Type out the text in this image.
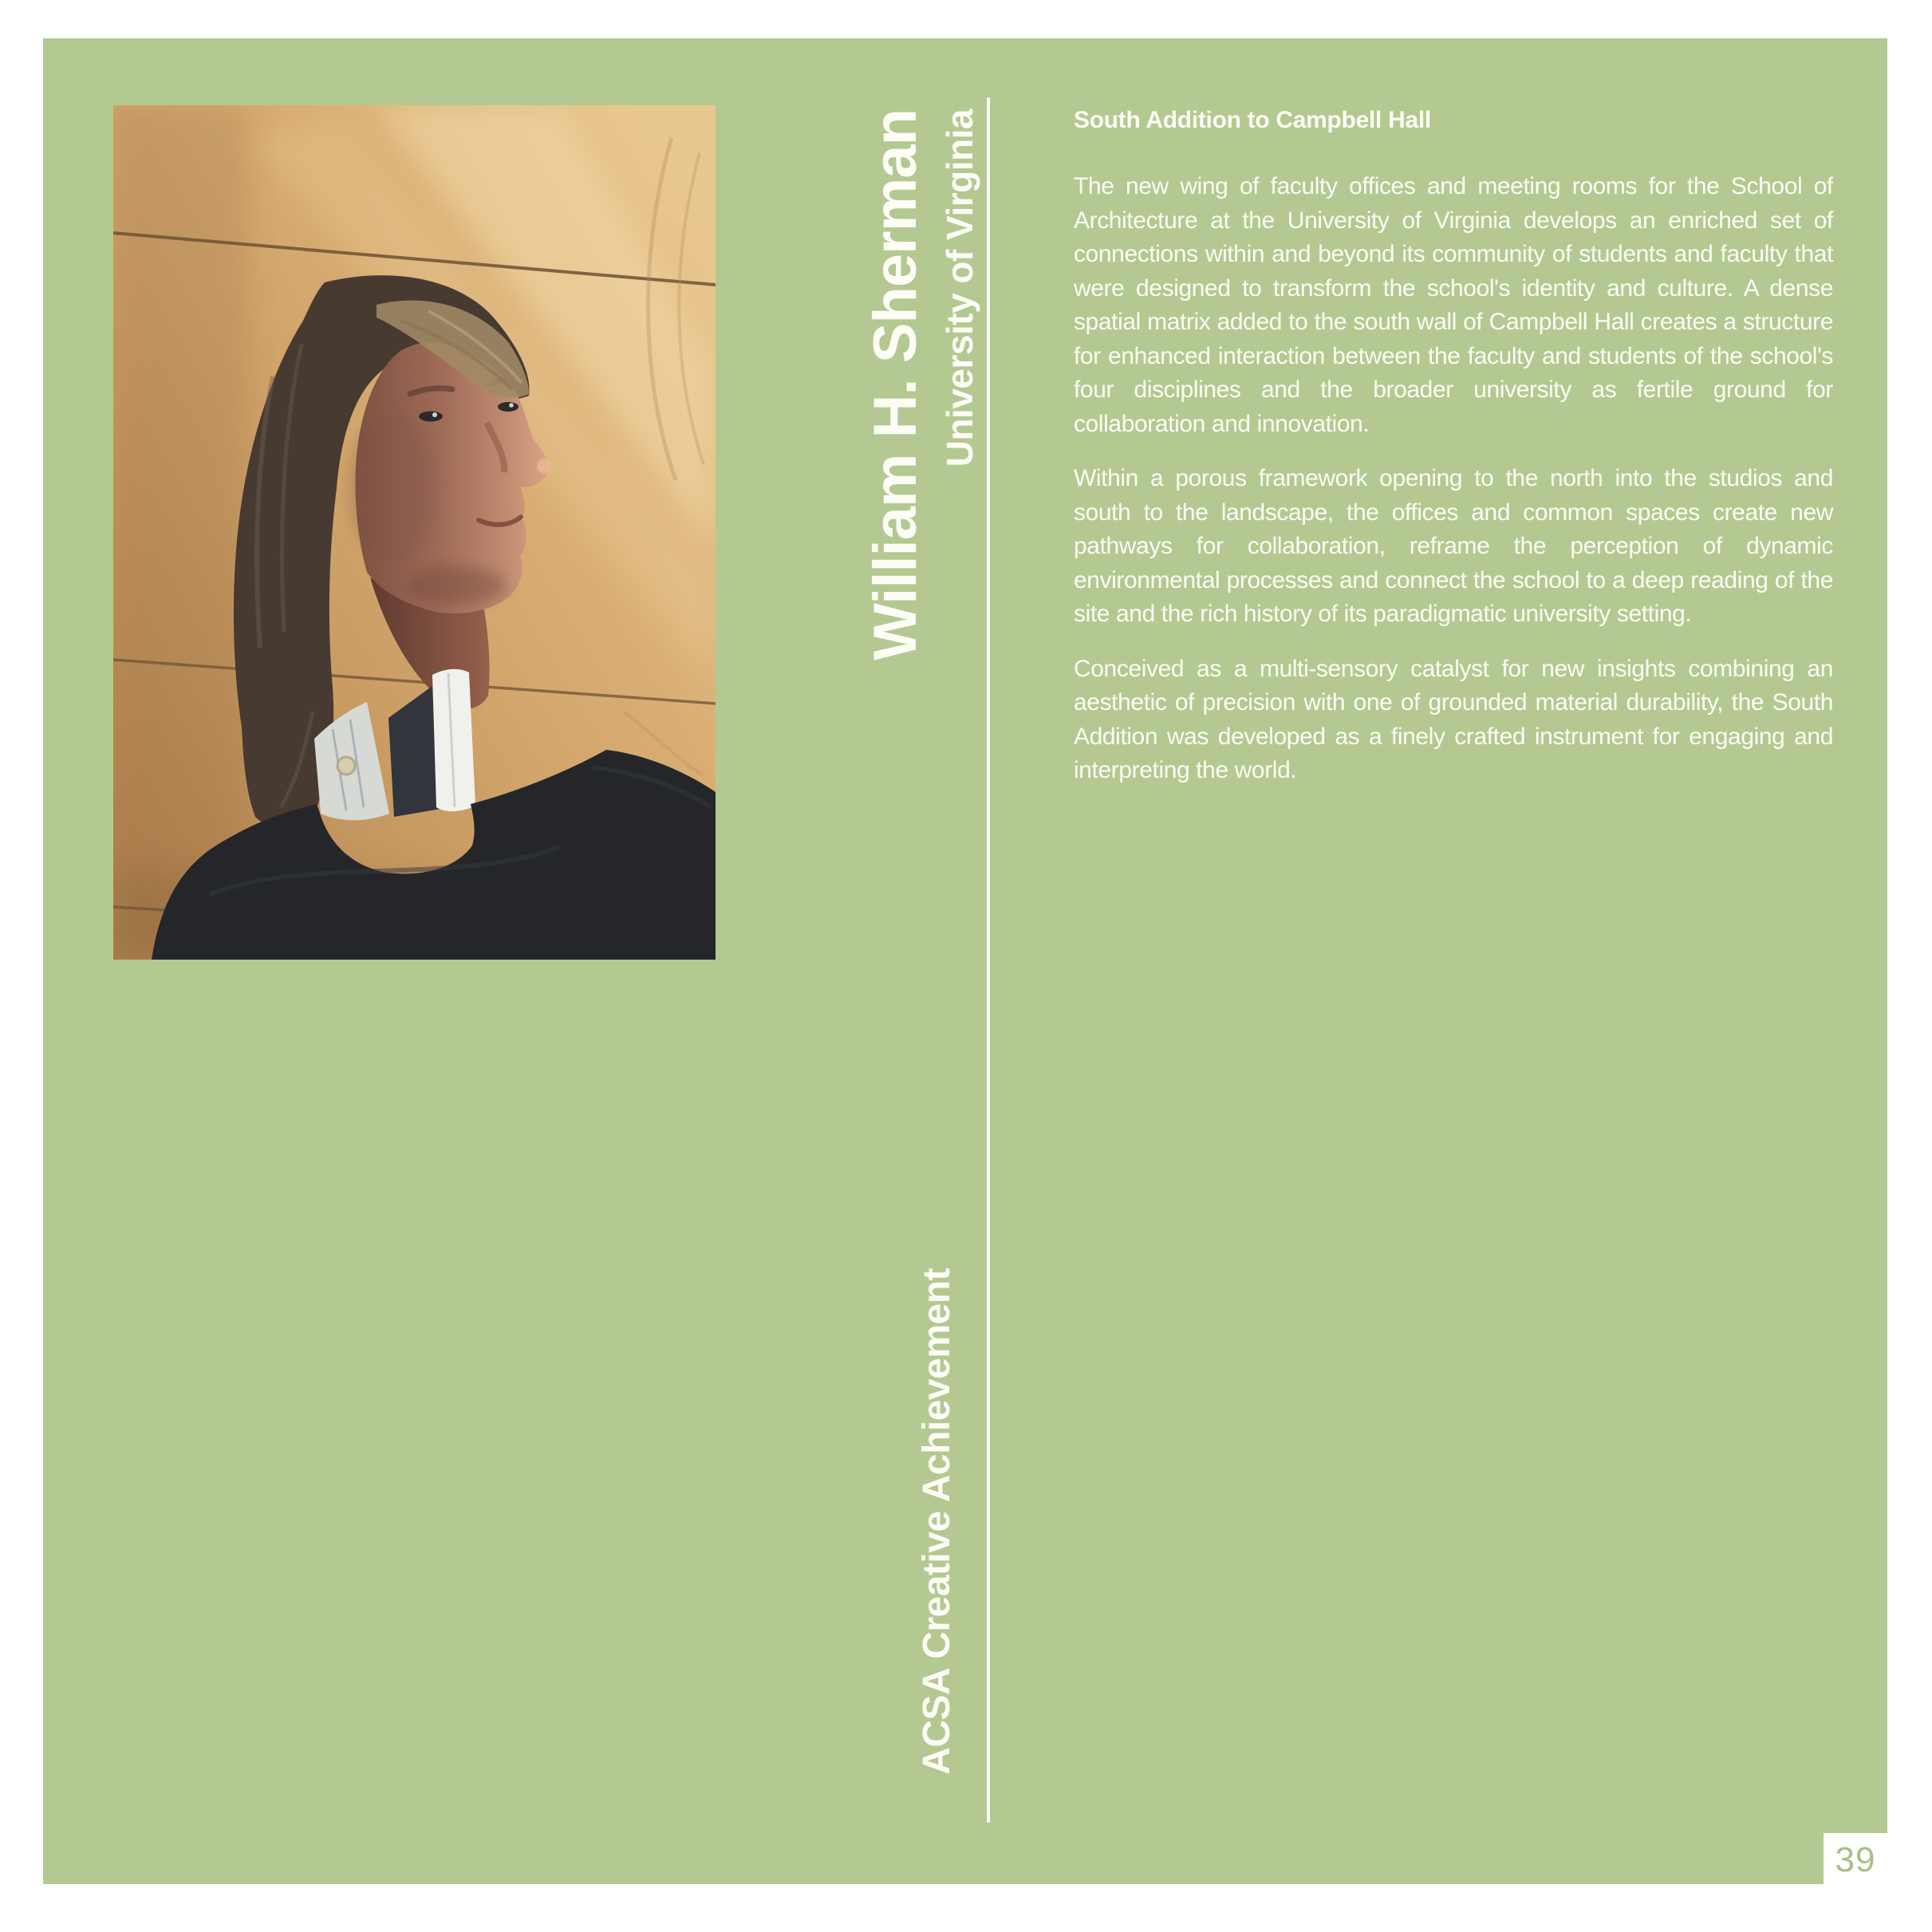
William H. Sherman University of Virginia
ACSA Creative Achievement
South Addition to Campbell Hall

The new wing of faculty offices and meeting rooms for the School of Architecture at the University of Virginia develops an enriched set of connections within and beyond its community of students and faculty that were designed to transform the school's identity and culture. A dense spatial matrix added to the south wall of Campbell Hall creates a structure for enhanced interaction between the faculty and students of the school's four disciplines and the broader university as fertile ground for collaboration and innovation.

Within a porous framework opening to the north into the studios and south to the landscape, the offices and common spaces create new pathways for collaboration, reframe the perception of dynamic environmental processes and connect the school to a deep reading of the site and the rich history of its paradigmatic university setting.

Conceived as a multi-sensory catalyst for new insights combining an aesthetic of precision with one of grounded material durability, the South Addition was developed as a finely crafted instrument for engaging and interpreting the world.

39
